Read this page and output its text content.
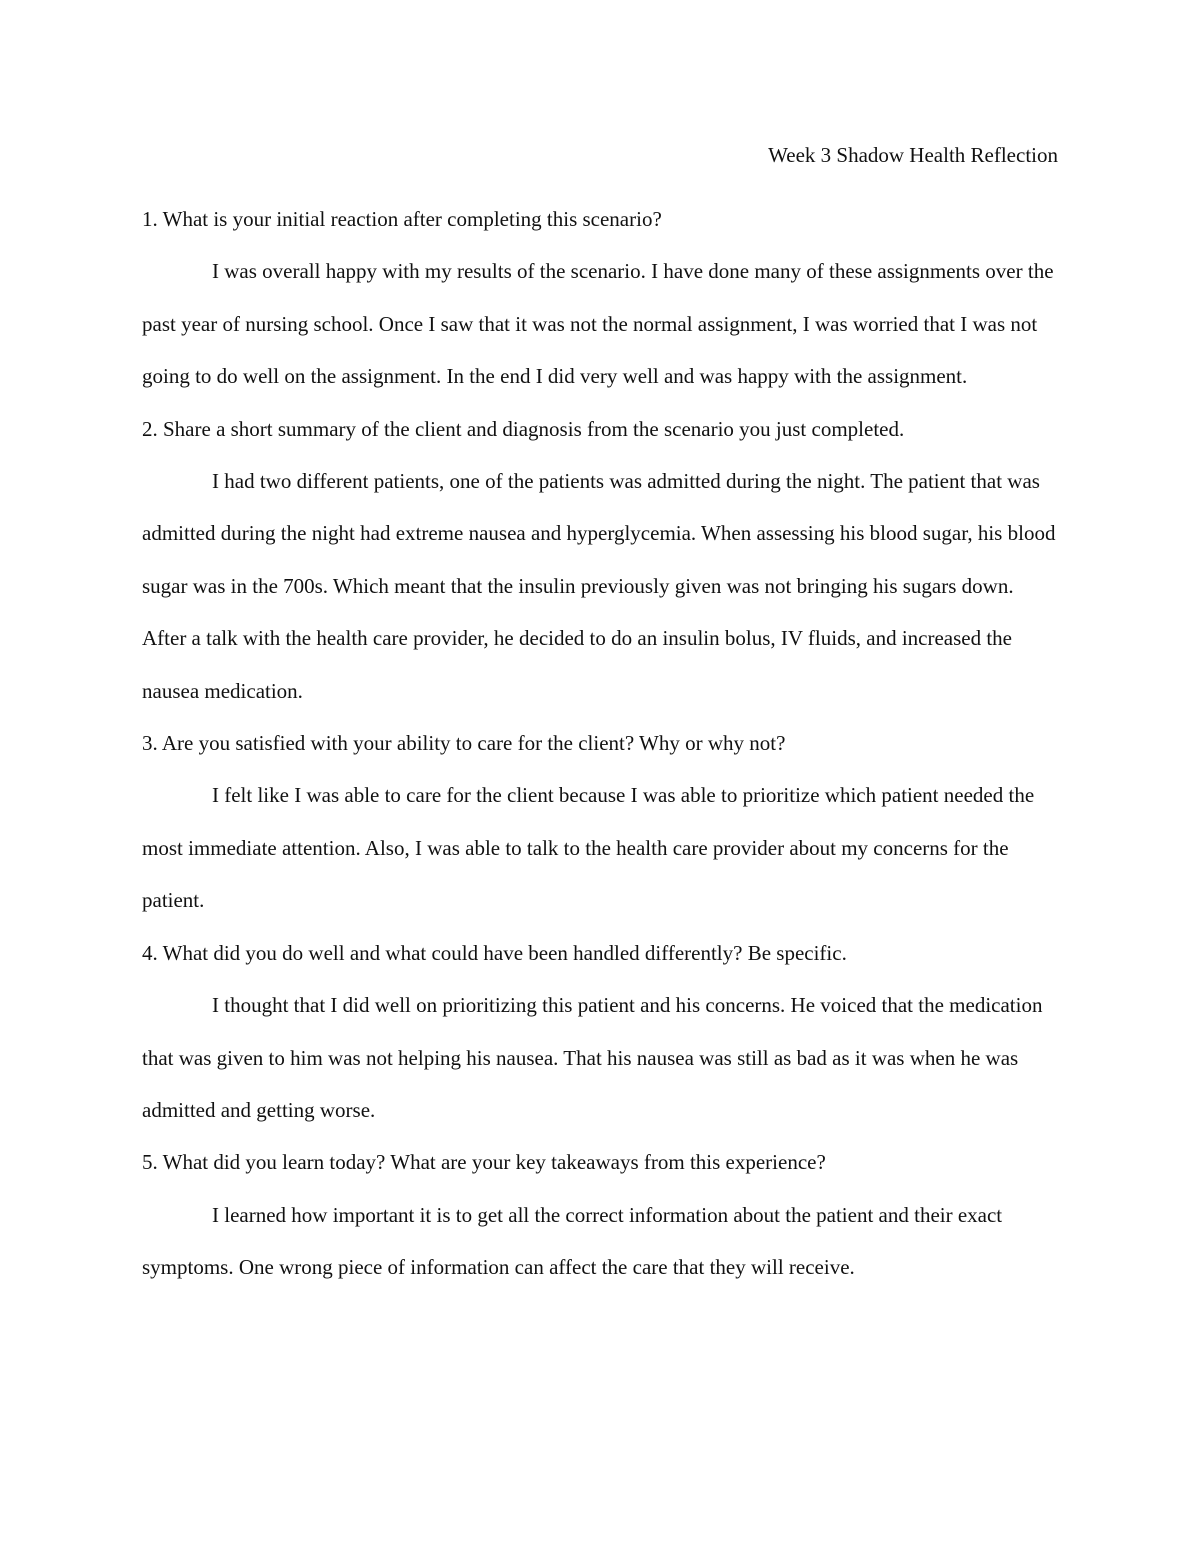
Week 3 Shadow Health Reflection

1. What is your initial reaction after completing this scenario?

I was overall happy with my results of the scenario. I have done many of these assignments over the past year of nursing school. Once I saw that it was not the normal assignment, I was worried that I was not going to do well on the assignment. In the end I did very well and was happy with the assignment.

2. Share a short summary of the client and diagnosis from the scenario you just completed.

I had two different patients, one of the patients was admitted during the night. The patient that was admitted during the night had extreme nausea and hyperglycemia. When assessing his blood sugar, his blood sugar was in the 700s. Which meant that the insulin previously given was not bringing his sugars down. After a talk with the health care provider, he decided to do an insulin bolus, IV fluids, and increased the nausea medication.

3. Are you satisfied with your ability to care for the client? Why or why not?

I felt like I was able to care for the client because I was able to prioritize which patient needed the most immediate attention. Also, I was able to talk to the health care provider about my concerns for the patient.

4. What did you do well and what could have been handled differently? Be specific.

I thought that I did well on prioritizing this patient and his concerns. He voiced that the medication that was given to him was not helping his nausea. That his nausea was still as bad as it was when he was admitted and getting worse.

5. What did you learn today? What are your key takeaways from this experience?

I learned how important it is to get all the correct information about the patient and their exact symptoms. One wrong piece of information can affect the care that they will receive.
